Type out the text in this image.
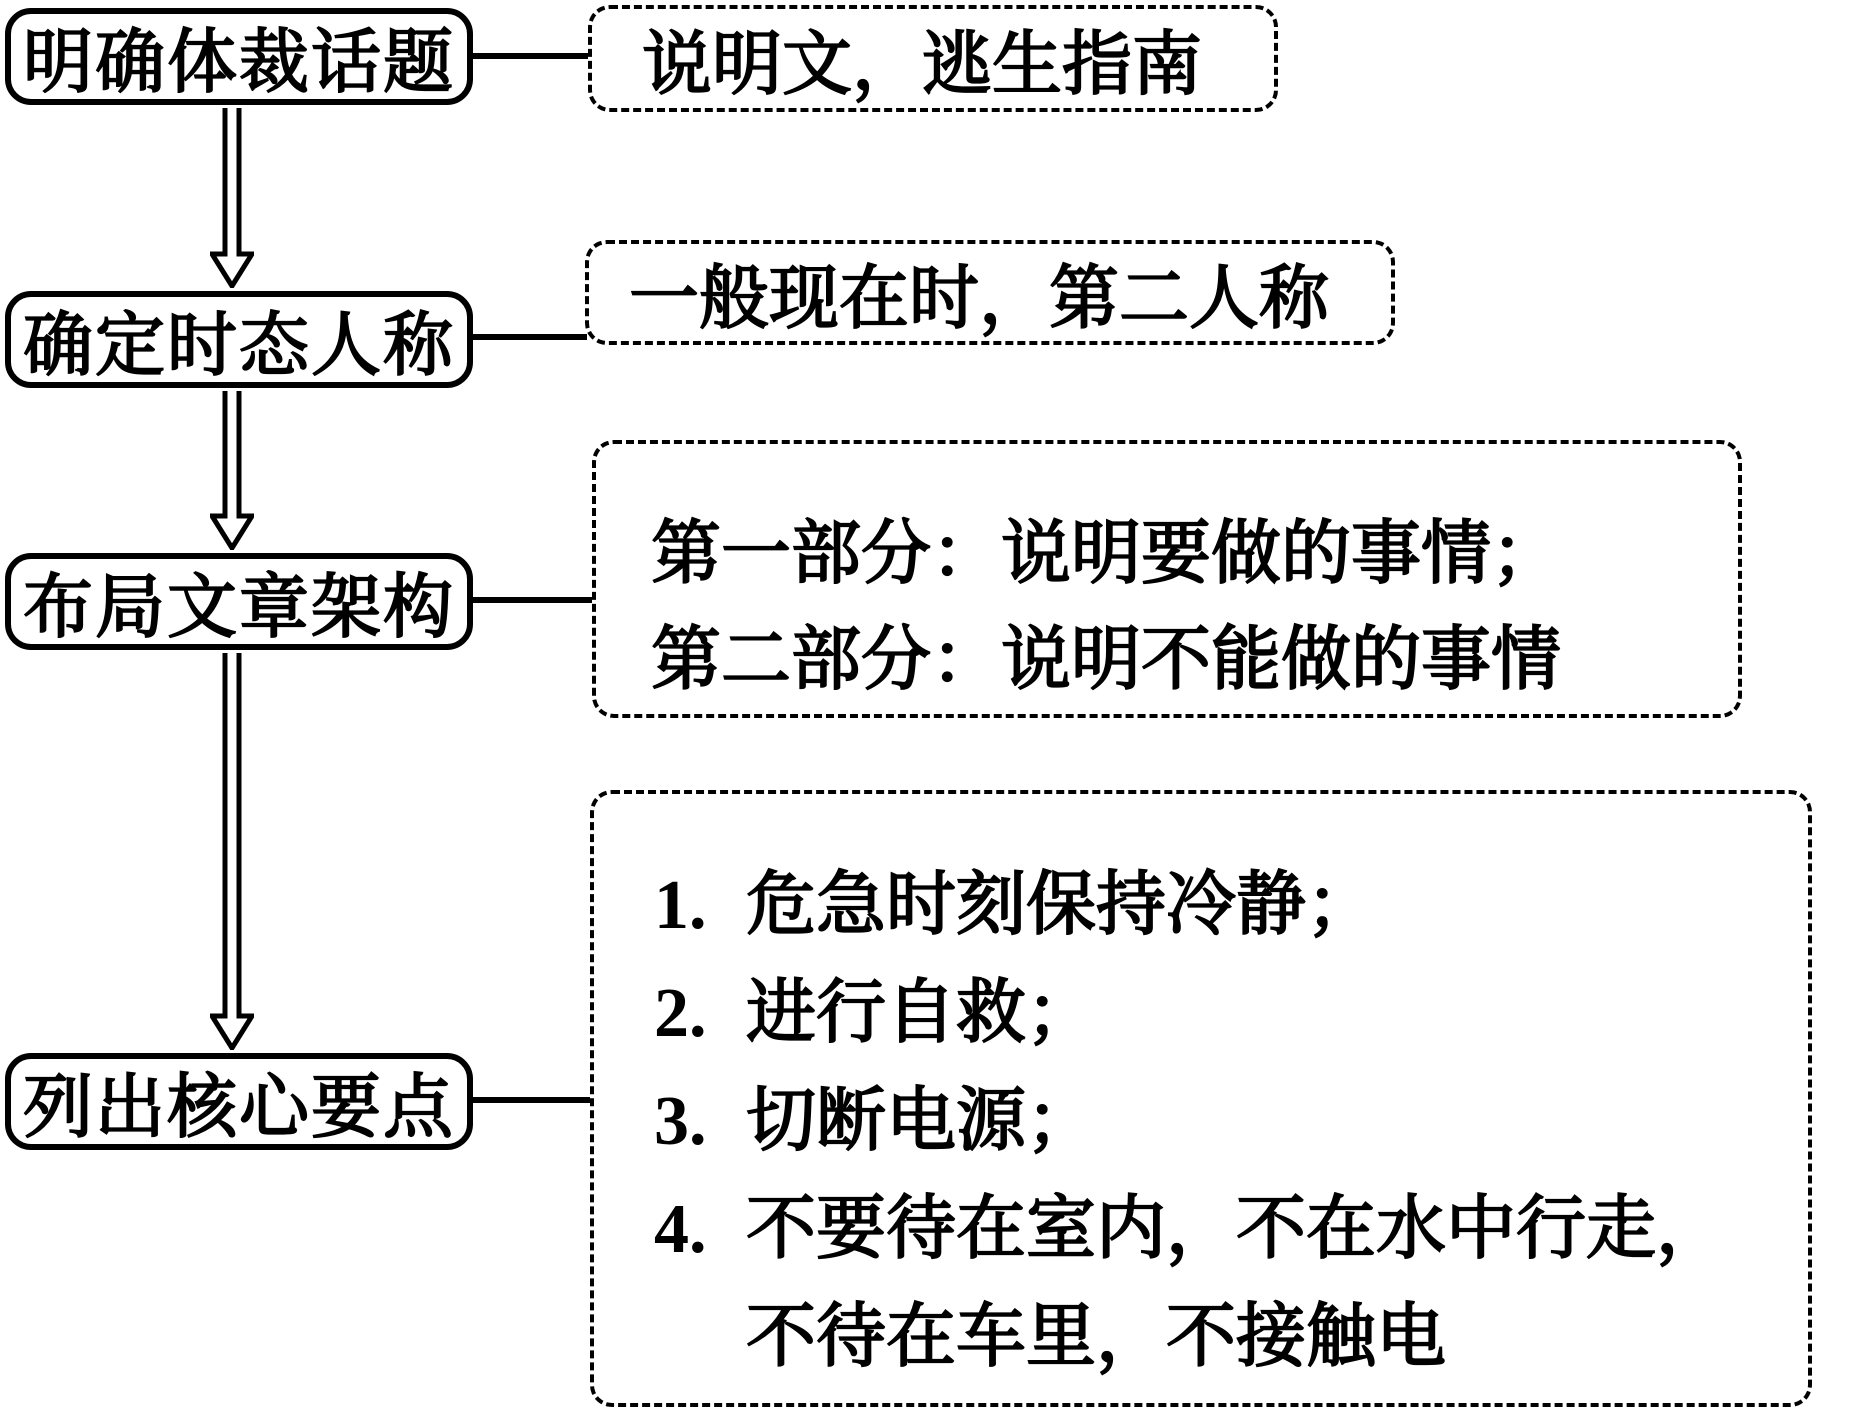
明确体裁话题
确定时态人称
布局文章架构
列出核心要点
说明文，逃生指南
一般现在时，第二人称
第一部分：说明要做的事情；
第二部分：说明不能做的事情
1. 危急时刻保持冷静；
2. 进行自救；
3. 切断电源；
4. 不要待在室内，不在水中行走，
不待在车里，不接触电
